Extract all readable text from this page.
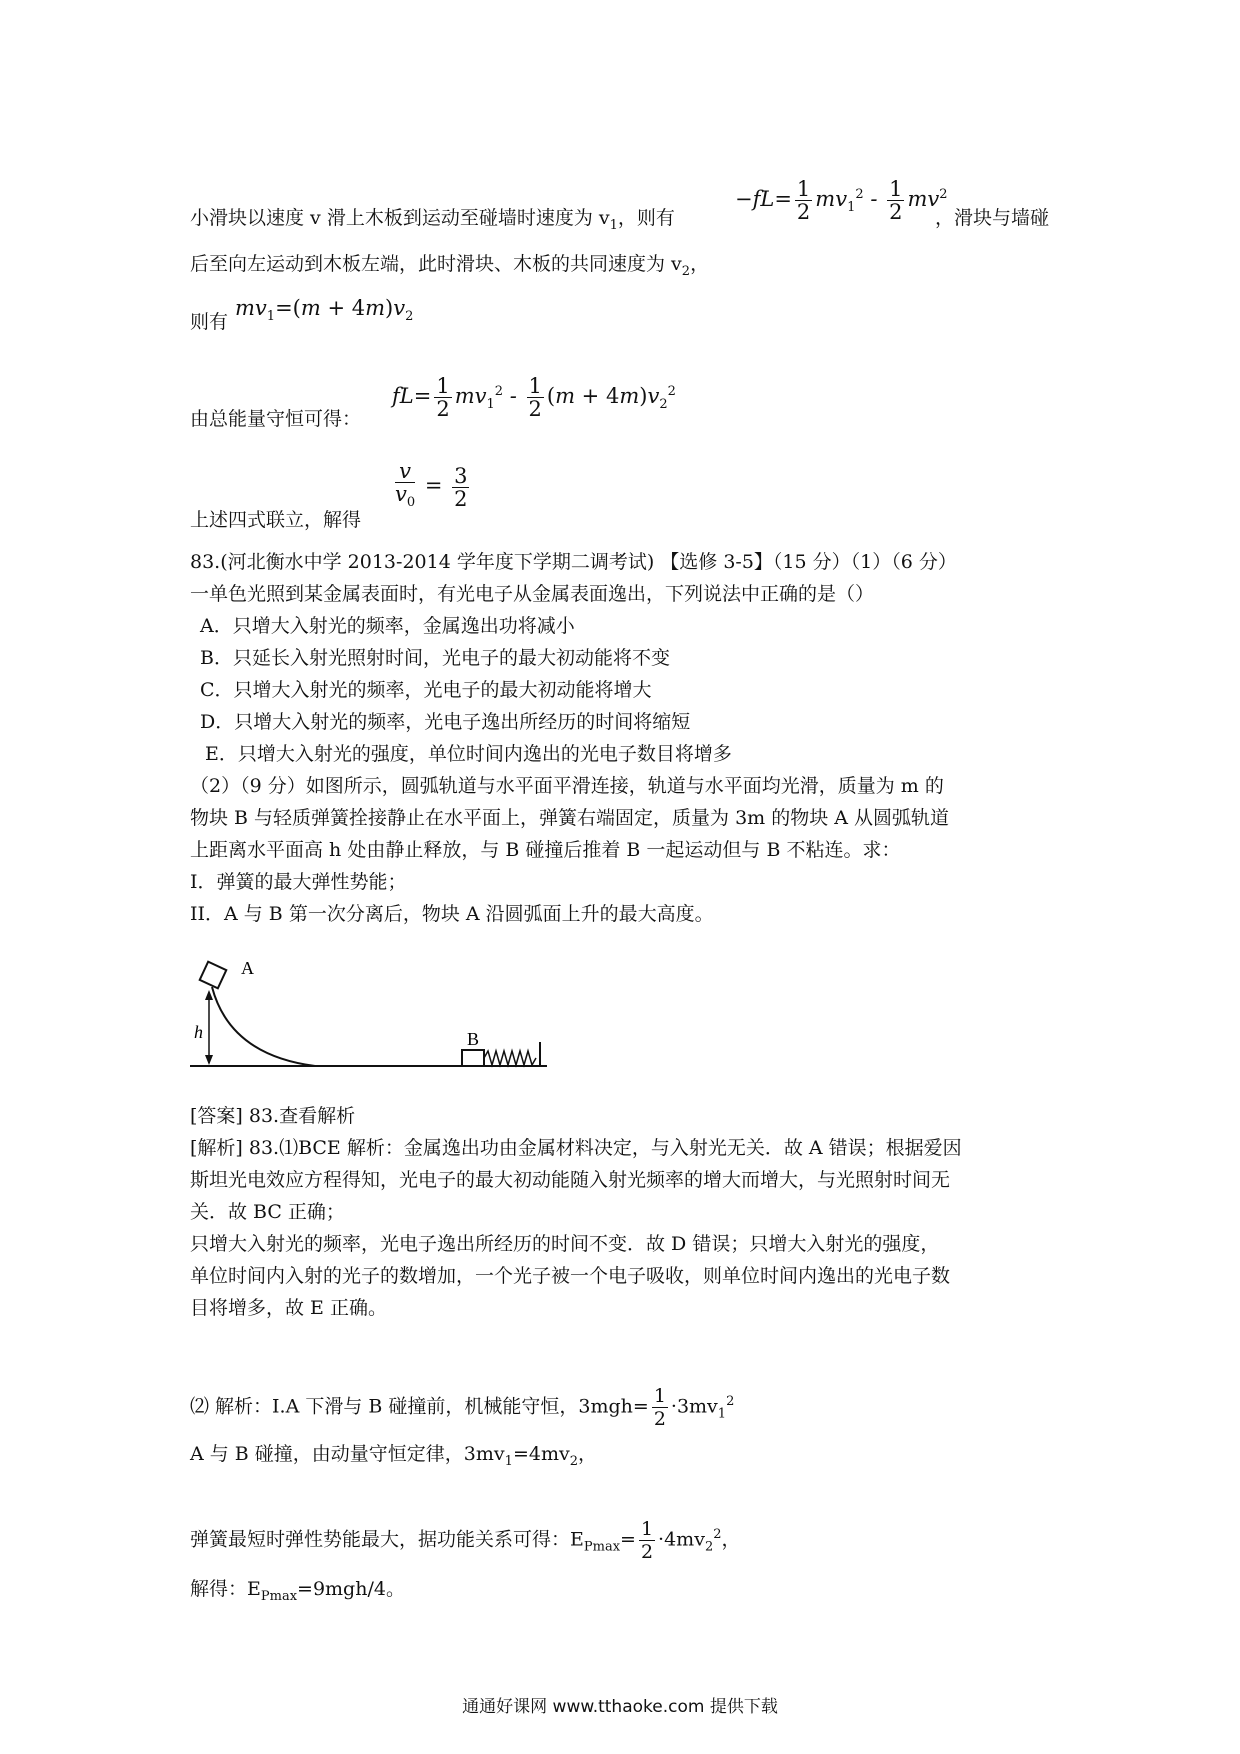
小滑块以速度 v 滑上木板到运动至碰墙时速度为 $v_1$，则有
$-fL= \frac{1}{2} mv_1^2 - \frac{1}{2} mv^2$
，滑块与墙碰
后至向左运动到木板左端，此时滑块、木板的共同速度为 $v_2$，
则有
$mv_1=(m + 4m)v_2$
由总能量守恒可得：
$fL= \frac{1}{2} mv_1^2 - \frac{1}{2} (m + 4m)v_2^2$
上述四式联立，解得
$\frac{v}{v_0} = \frac{3}{2}$
83.(河北衡水中学 2013-2014 学年度下学期二调考试) 【选修 3-5】（15 分）（1）（6 分）
一单色光照到某金属表面时，有光电子从金属表面逸出，下列说法中正确的是（）
A．只增大入射光的频率，金属逸出功将减小
B．只延长入射光照射时间，光电子的最大初动能将不变
C．只增大入射光的频率，光电子的最大初动能将增大
D．只增大入射光的频率，光电子逸出所经历的时间将缩短
E．只增大入射光的强度，单位时间内逸出的光电子数目将增多
（2）（9 分）如图所示，圆弧轨道与水平面平滑连接，轨道与水平面均光滑，质量为 m 的
物块 B 与轻质弹簧拴接静止在水平面上，弹簧右端固定，质量为 3m 的物块 A 从圆弧轨道
上距离水平面高 h 处由静止释放，与 B 碰撞后推着 B 一起运动但与 B 不粘连。求：
I．弹簧的最大弹性势能；
II．A 与 B 第一次分离后，物块 A 沿圆弧面上升的最大高度。
h
A
B
[答案] 83.查看解析
[解析] 83.⑴BCE 解析：金属逸出功由金属材料决定，与入射光无关．故 A 错误；根据爱因
斯坦光电效应方程得知，光电子的最大初动能随入射光频率的增大而增大，与光照射时间无
关．故 BC 正确；
只增大入射光的频率，光电子逸出所经历的时间不变．故 D 错误；只增大入射光的强度，
单位时间内入射的光子的数增加，一个光子被一个电子吸收，则单位时间内逸出的光电子数
目将增多，故 E 正确。
⑵ 解析：I.A 下滑与 B 碰撞前，机械能守恒，$3mgh= \frac{1}{2} \cdot 3mv_1^2$
A 与 B 碰撞，由动量守恒定律，$3mv_1=4mv_2$，
弹簧最短时弹性势能最大，据功能关系可得：$E_{Pmax}= \frac{1}{2} \cdot 4mv_2^2$，
解得：$E_{Pmax}=9mgh/4$。
通通好课网 www.tthaoke.com 提供下载
